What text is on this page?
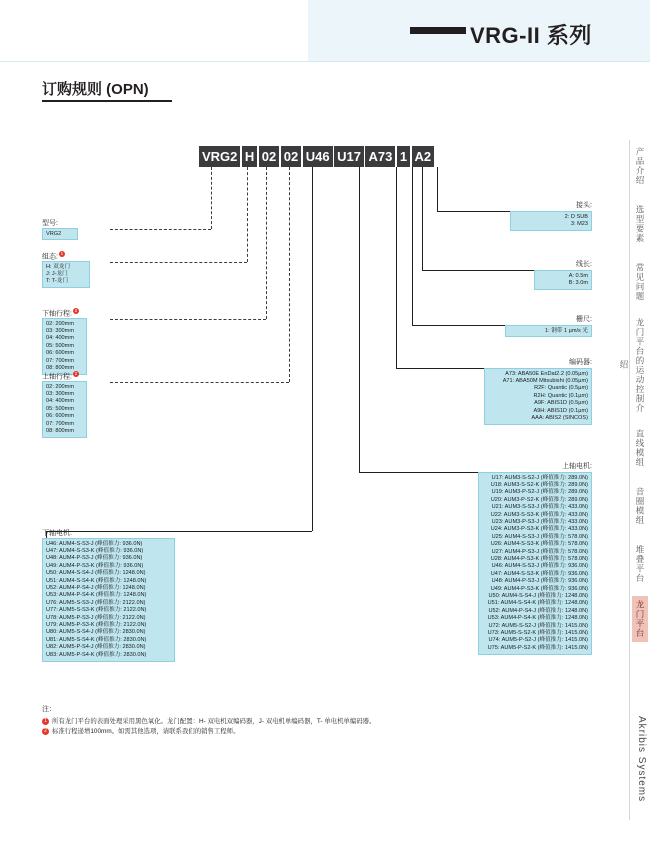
VRG-II 系列
订购规则 (OPN)
VRG2 H 02 02 U46 U17 A73 1 A2
型号:
VRG2
组态: 1
H: 双龙门
J: J-龙门
T: T-龙门
下轴行程: 2
02: 200mm
03: 300mm
04: 400mm
05: 500mm
06: 600mm
07: 700mm
08: 800mm
上轴行程: 2
02: 200mm
03: 300mm
04: 400mm
05: 500mm
06: 600mm
07: 700mm
08: 800mm
下轴电机:
U46: AUM4-S-S3-J (峰值推力: 936.0N)
U47: AUM4-S-S3-K (峰值推力: 936.0N)
U48: AUM4-P-S3-J (峰值推力: 936.0N)
U49: AUM4-P-S3-K (峰值推力: 936.0N)
U50: AUM4-S-S4-J (峰值推力: 1248.0N)
U51: AUM4-S-S4-K (峰值推力: 1248.0N)
U52: AUM4-P-S4-J (峰值推力: 1248.0N)
U53: AUM4-P-S4-K (峰值推力: 1248.0N)
U76: AUM5-S-S3-J (峰值推力: 2122.0N)
U77: AUM5-S-S3-K (峰值推力: 2122.0N)
U78: AUM5-P-S3-J (峰值推力: 2122.0N)
U79: AUM5-P-S3-K (峰值推力: 2122.0N)
U80: AUM5-S-S4-J (峰值推力: 2830.0N)
U81: AUM5-S-S4-K (峰值推力: 2830.0N)
U82: AUM5-P-S4-J (峰值推力: 2830.0N)
U83: AUM5-P-S4-K (峰值推力: 2830.0N)
接头:
2: D SUB
3: M23
线长:
A: 0.5m
B: 3.0m
栅尺:
1: 钢带 1 µm/s 光
编码器:
A73: ABA50E EnDat2.2 (0.05µm)
A71: ABA50M Mitsubishi (0.05µm)
R2F: Quantic (0.5µm)
R2H: Quantic (0.1µm)
A9F: ABIS1D (0.5µm)
A9H: ABIS1D (0.1µm)
AAA: ABIS2 (SINCOS)
上轴电机:
U17: AUM3-S-S2-J (峰值推力: 289.0N)
U18: AUM3-S-S2-K (峰值推力: 289.0N)
U19: AUM3-P-S2-J (峰值推力: 289.0N)
U20: AUM3-P-S2-K (峰值推力: 289.0N)
U21: AUM3-S-S3-J (峰值推力: 433.0N)
U22: AUM3-S-S3-K (峰值推力: 433.0N)
U23: AUM3-P-S3-J (峰值推力: 433.0N)
U24: AUM3-P-S3-K (峰值推力: 433.0N)
U25: AUM4-S-S3-J (峰值推力: 578.0N)
U26: AUM4-S-S3-K (峰值推力: 578.0N)
U27: AUM4-P-S3-J (峰值推力: 578.0N)
U28: AUM4-P-S3-K (峰值推力: 578.0N)
U46: AUM4-S-S3-J (峰值推力: 936.0N)
U47: AUM4-S-S3-K (峰值推力: 936.0N)
U48: AUM4-P-S3-J (峰值推力: 936.0N)
U49: AUM4-P-S3-K (峰值推力: 936.0N)
U50: AUM4-S-S4-J (峰值推力: 1248.0N)
U51: AUM4-S-S4-K (峰值推力: 1248.0N)
U52: AUM4-P-S4-J (峰值推力: 1248.0N)
U53: AUM4-P-S4-K (峰值推力: 1248.0N)
U72: AUM5-S-S2-J (峰值推力: 1415.0N)
U73: AUM5-S-S2-K (峰值推力: 1415.0N)
U74: AUM5-P-S2-J (峰值推力: 1415.0N)
U75: AUM5-P-S2-K (峰值推力: 1415.0N)
注：
1 所有龙门平台的表面处理采用黑色氧化。龙门配置：H- 双电机双编码器，J- 双电机单编码器，T- 单电机单编码器。
2 标准行程递增100mm。如需其他选项，请联系我们的销售工程师。
产品介绍
选型要素
常见问题
龙门平台的运动控制介绍
直线模组
音圈模组
堆叠平台
龙门平台
Akribis Systems
